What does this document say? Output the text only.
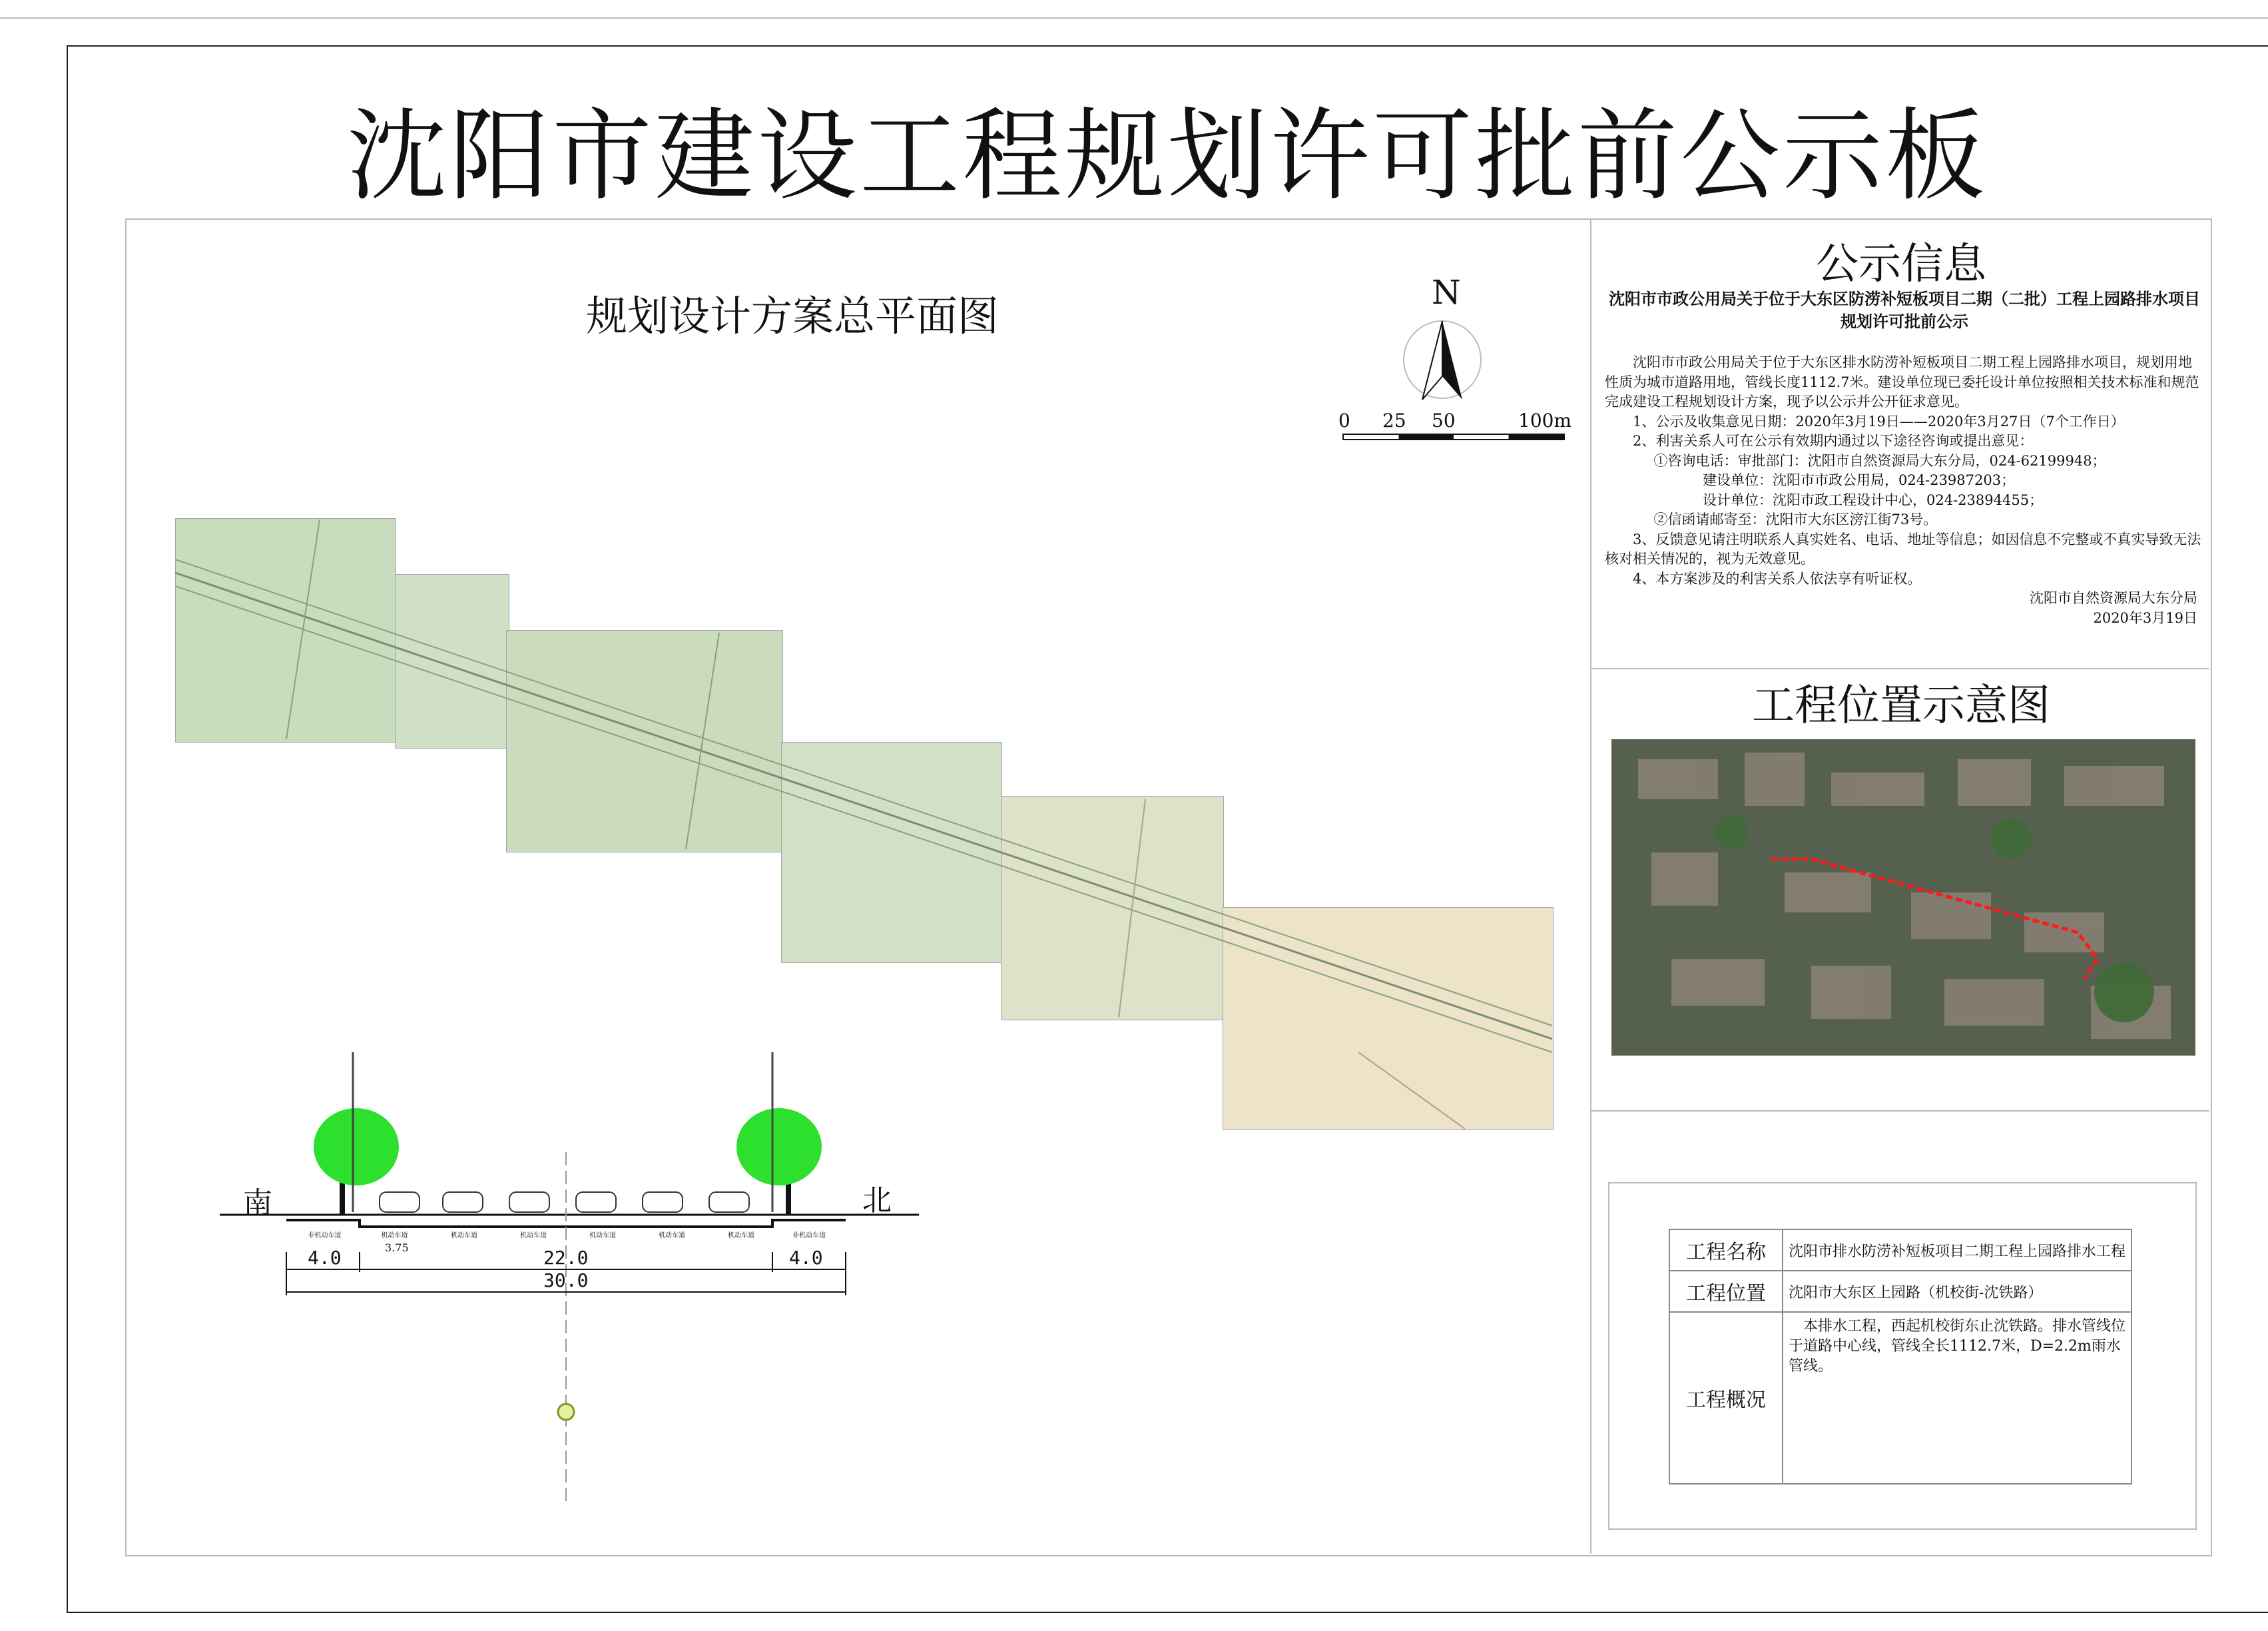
沈阳市建设工程规划许可批前公示板
规划设计方案总平面图	N
0 25 50	100m
南	北
非机动车道	机动车道	机动车道	机动车道	机动车道	机动车道	机动车道	非机动车道
3.75
4.0	22.0	4.0
30.0
公示信息
沈阳市市政公用局关于位于大东区防涝补短板项目二期（二批）工程上园路排水项目规划许可批前公示

沈阳市市政公用局关于位于大东区排水防涝补短板项目二期工程上园路排水项目，规划用地性质为城市道路用地，管线长度1112.7米。建设单位现已委托设计单位按照相关技术标准和规范完成建设工程规划设计方案，现予以公示并公开征求意见。

1、公示及收集意见日期：2020年3月19日——2020年3月27日（7个工作日）

2、利害关系人可在公示有效期内通过以下途径咨询或提出意见：

①咨询电话：审批部门：沈阳市自然资源局大东分局，024-62199948；

建设单位：沈阳市市政公用局，024-23987203；

设计单位：沈阳市政工程设计中心，024-23894455；

②信函请邮寄至：沈阳市大东区滂江街73号。

3、反馈意见请注明联系人真实姓名、电话、地址等信息；如因信息不完整或不真实导致无法核对相关情况的，视为无效意见。

4、本方案涉及的利害关系人依法享有听证权。

沈阳市自然资源局大东分局

2020年3月19日

工程位置示意图
工程名称	沈阳市排水防涝补短板项目二期工程上园路排水工程
工程位置	沈阳市大东区上园路（机校街-沈铁路）
工程概况	本排水工程，西起机校街东止沈铁路。排水管线位于道路中心线，管线全长1112.7米，D=2.2m雨水管线。
